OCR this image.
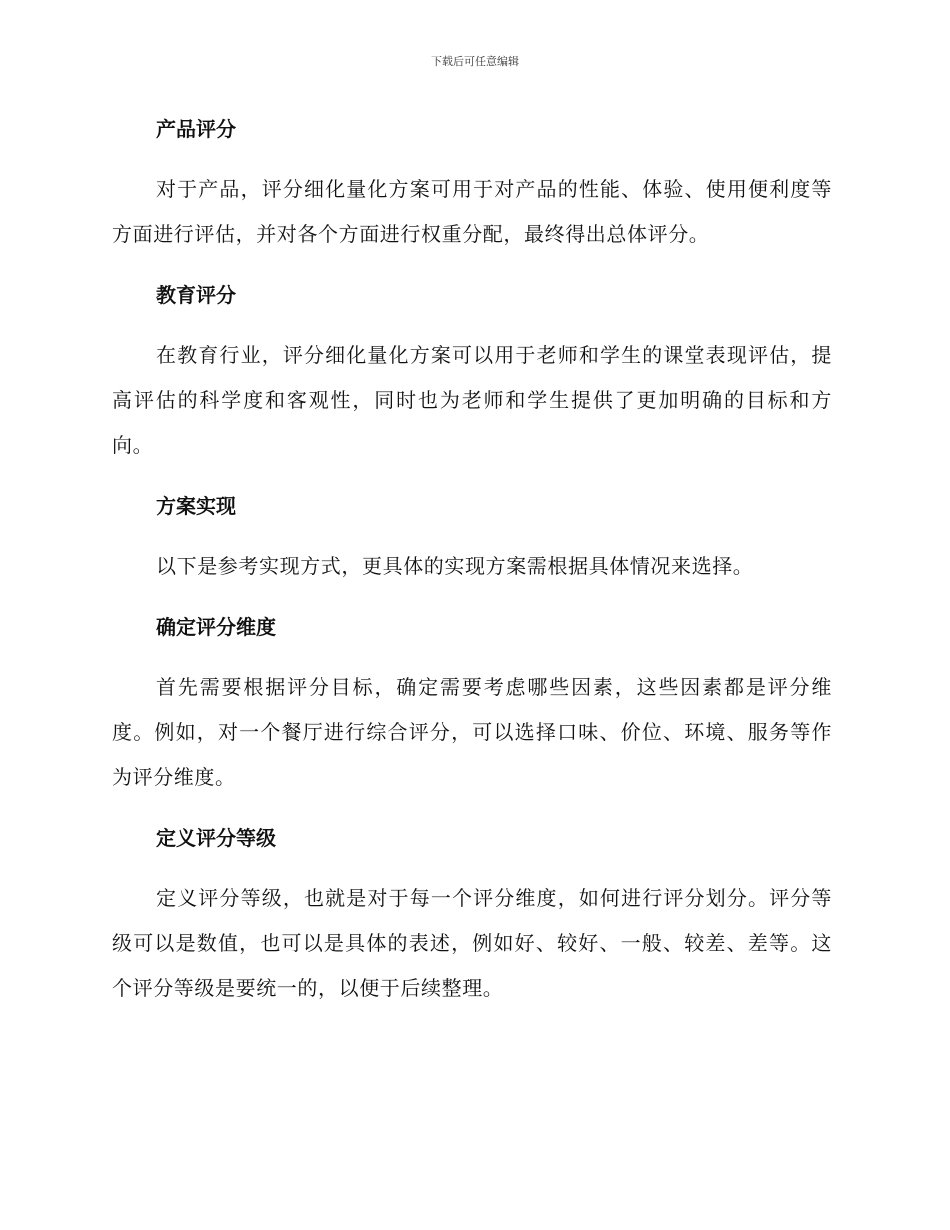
下载后可任意编辑
产品评分

对于产品，评分细化量化方案可用于对产品的性能、体验、使用便利度等方面进行评估，并对各个方面进行权重分配，最终得出总体评分。

教育评分

在教育行业，评分细化量化方案可以用于老师和学生的课堂表现评估，提高评估的科学度和客观性，同时也为老师和学生提供了更加明确的目标和方向。

方案实现

以下是参考实现方式，更具体的实现方案需根据具体情况来选择。

确定评分维度

首先需要根据评分目标，确定需要考虑哪些因素，这些因素都是评分维度。例如，对一个餐厅进行综合评分，可以选择口味、价位、环境、服务等作为评分维度。

定义评分等级

定义评分等级，也就是对于每一个评分维度，如何进行评分划分。评分等级可以是数值，也可以是具体的表述，例如好、较好、一般、较差、差等。这个评分等级是要统一的，以便于后续整理。
